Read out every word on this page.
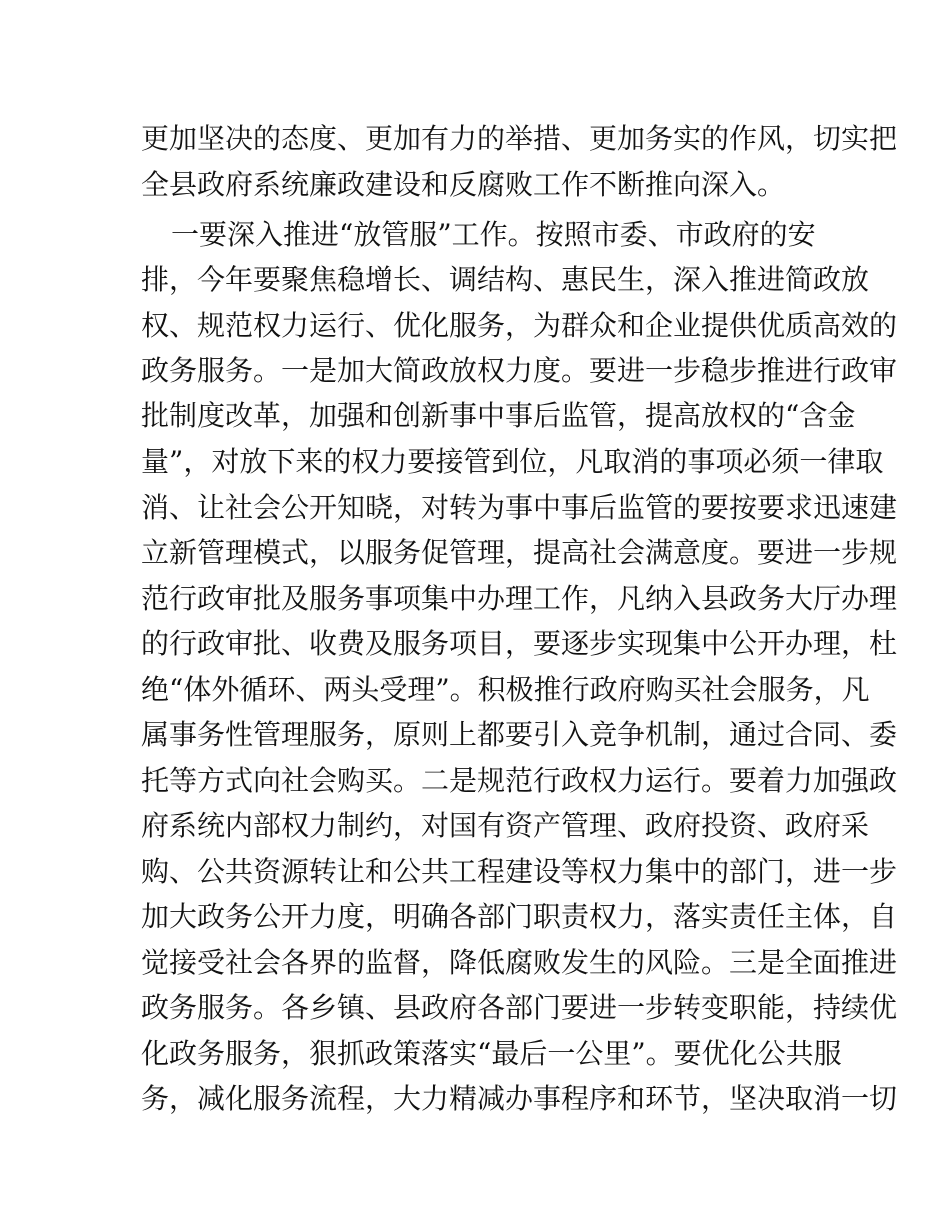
更加坚决的态度、更加有力的举措、更加务实的作风，切实把
全县政府系统廉政建设和反腐败工作不断推向深入。
一要深入推进“放管服”工作。按照市委、市政府的安
排，今年要聚焦稳增长、调结构、惠民生，深入推进简政放
权、规范权力运行、优化服务，为群众和企业提供优质高效的
政务服务。一是加大简政放权力度。要进一步稳步推进行政审
批制度改革，加强和创新事中事后监管，提高放权的“含金
量”，对放下来的权力要接管到位，凡取消的事项必须一律取
消、让社会公开知晓，对转为事中事后监管的要按要求迅速建
立新管理模式，以服务促管理，提高社会满意度。要进一步规
范行政审批及服务事项集中办理工作，凡纳入县政务大厅办理
的行政审批、收费及服务项目，要逐步实现集中公开办理，杜
绝“体外循环、两头受理”。积极推行政府购买社会服务，凡
属事务性管理服务，原则上都要引入竞争机制，通过合同、委
托等方式向社会购买。二是规范行政权力运行。要着力加强政
府系统内部权力制约，对国有资产管理、政府投资、政府采
购、公共资源转让和公共工程建设等权力集中的部门，进一步
加大政务公开力度，明确各部门职责权力，落实责任主体，自
觉接受社会各界的监督，降低腐败发生的风险。三是全面推进
政务服务。各乡镇、县政府各部门要进一步转变职能，持续优
化政务服务，狠抓政策落实“最后一公里”。要优化公共服
务，减化服务流程，大力精减办事程序和环节，坚决取消一切
